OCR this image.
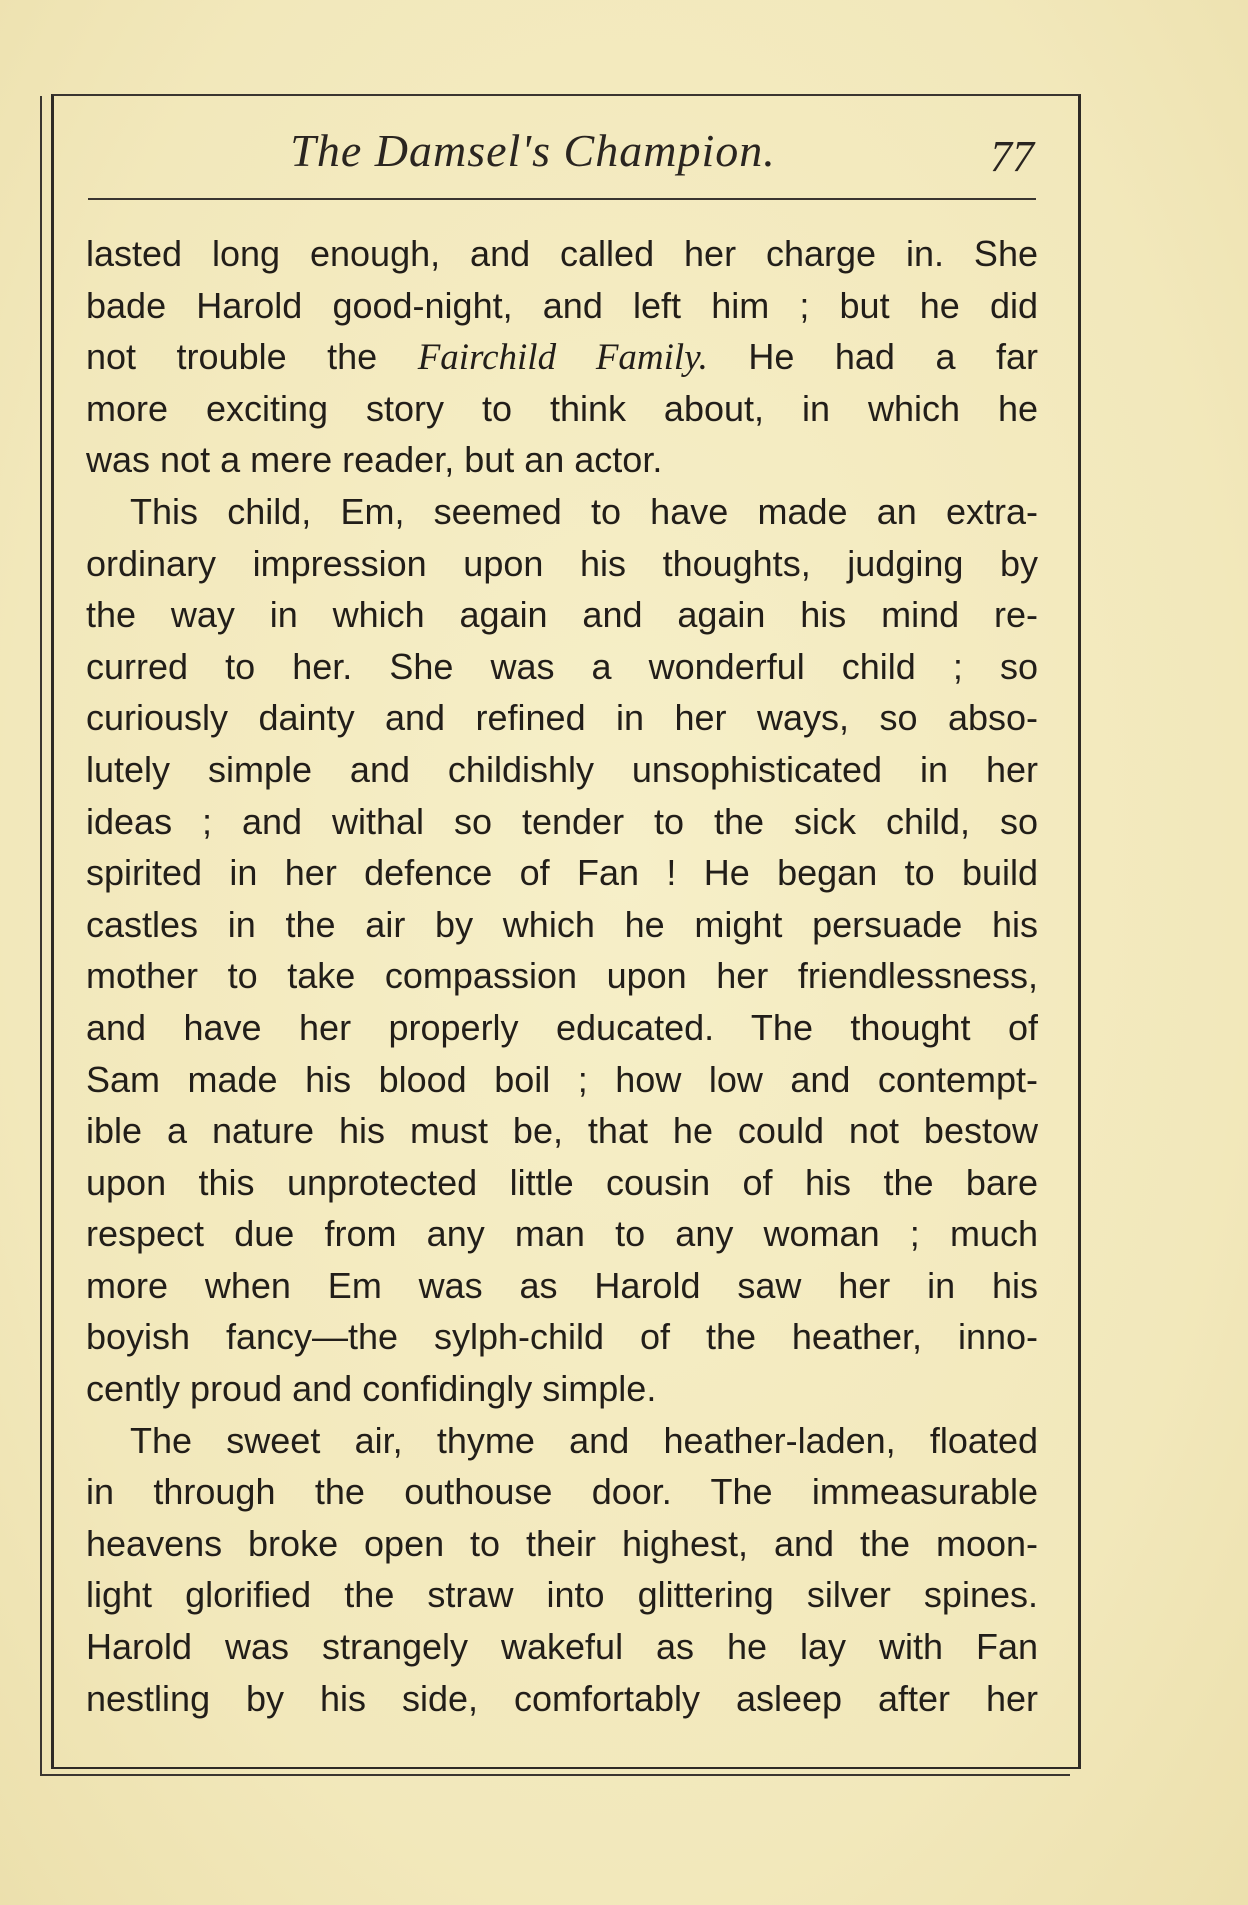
The Damsel's Champion.	77
lasted long enough, and called her charge in. She
bade Harold good-night, and left him ; but he did
not trouble the Fairchild Family. He had a far
more exciting story to think about, in which he
was not a mere reader, but an actor.
This child, Em, seemed to have made an extra-
ordinary impression upon his thoughts, judging by
the way in which again and again his mind re-
curred to her. She was a wonderful child ; so
curiously dainty and refined in her ways, so abso-
lutely simple and childishly unsophisticated in her
ideas ; and withal so tender to the sick child, so
spirited in her defence of Fan ! He began to build
castles in the air by which he might persuade his
mother to take compassion upon her friendlessness,
and have her properly educated. The thought of
Sam made his blood boil ; how low and contempt-
ible a nature his must be, that he could not bestow
upon this unprotected little cousin of his the bare
respect due from any man to any woman ; much
more when Em was as Harold saw her in his
boyish fancy—the sylph-child of the heather, inno-
cently proud and confidingly simple.
The sweet air, thyme and heather-laden, floated
in through the outhouse door. The immeasurable
heavens broke open to their highest, and the moon-
light glorified the straw into glittering silver spines.
Harold was strangely wakeful as he lay with Fan
nestling by his side, comfortably asleep after her
